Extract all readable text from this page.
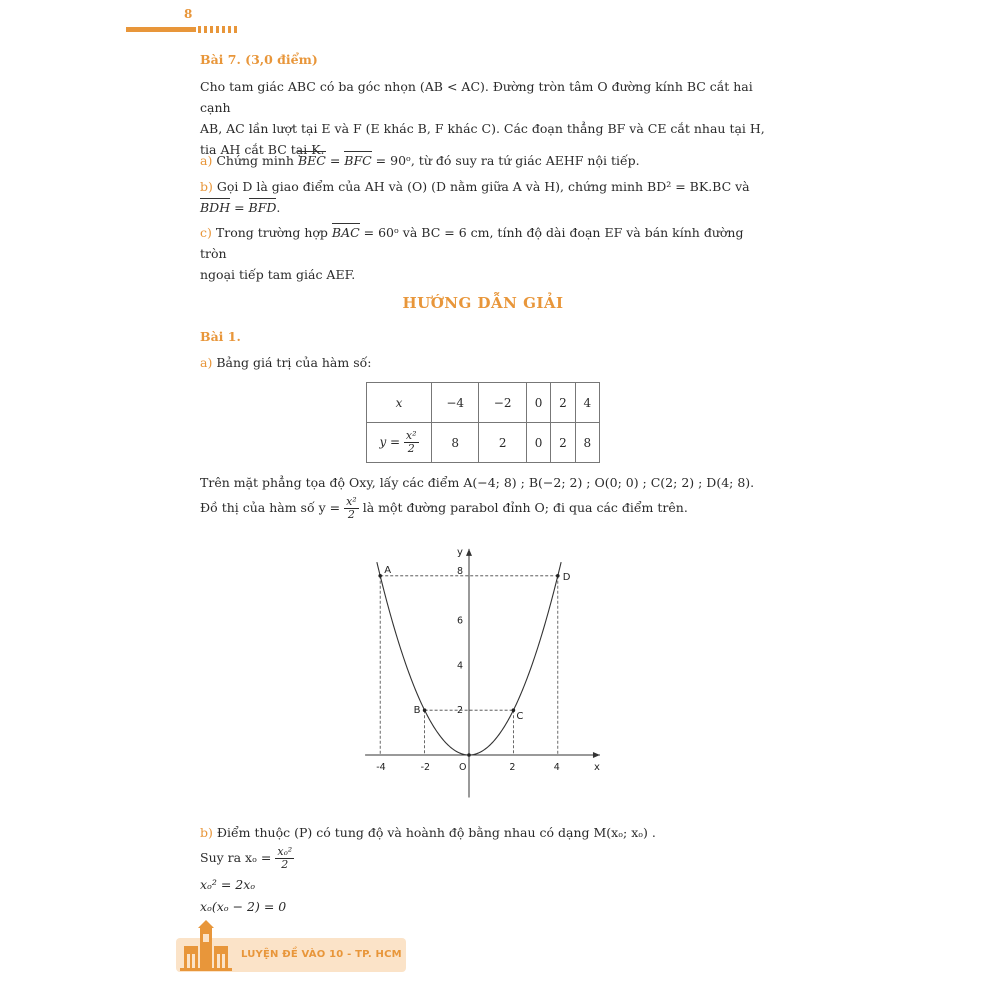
8
Bài 7. (3,0 điểm)
Cho tam giác ABC có ba góc nhọn (AB < AC). Đường tròn tâm O đường kính BC cắt hai cạnh
AB, AC lần lượt tại E và F (E khác B, F khác C). Các đoạn thẳng BF và CE cắt nhau tại H,
tia AH cắt BC tại K.
a) Chứng minh BEC = BFC = 90ᵒ, từ đó suy ra tứ giác AEHF nội tiếp.
b) Gọi D là giao điểm của AH và (O) (D nằm giữa A và H), chứng minh BD² = BK.BC và
BDH = BFD.
c) Trong trường hợp BAC = 60ᵒ và BC = 6 cm, tính độ dài đoạn EF và bán kính đường tròn
ngoại tiếp tam giác AEF.
HƯỚNG DẪN GIẢI
Bài 1.
a) Bảng giá trị của hàm số:
x	−4	−2	0	2	4
$y = \frac{\text{x²}}{2}$	8	2	0	2	8
Trên mặt phẳng tọa độ Oxy, lấy các điểm A(−4; 8) ; B(−2; 2) ; O(0; 0) ; C(2; 2) ; D(4; 8).
Đồ thị của hàm số $y = \frac{\text{x²}}{2}$ là một đường parabol đỉnh O; đi qua các điểm trên.
A
B
C
D
-4	-2	O	2	4
2
4
6
8
x
y
b) Điểm thuộc (P) có tung độ và hoành độ bằng nhau có dạng M(xₒ; xₒ) .
Suy ra $x_o = \frac{\text{xₒ²}}{2}$
xₒ² = 2xₒ
xₒ(xₒ − 2) = 0
LUYỆN ĐỀ VÀO 10 - TP. HCM
